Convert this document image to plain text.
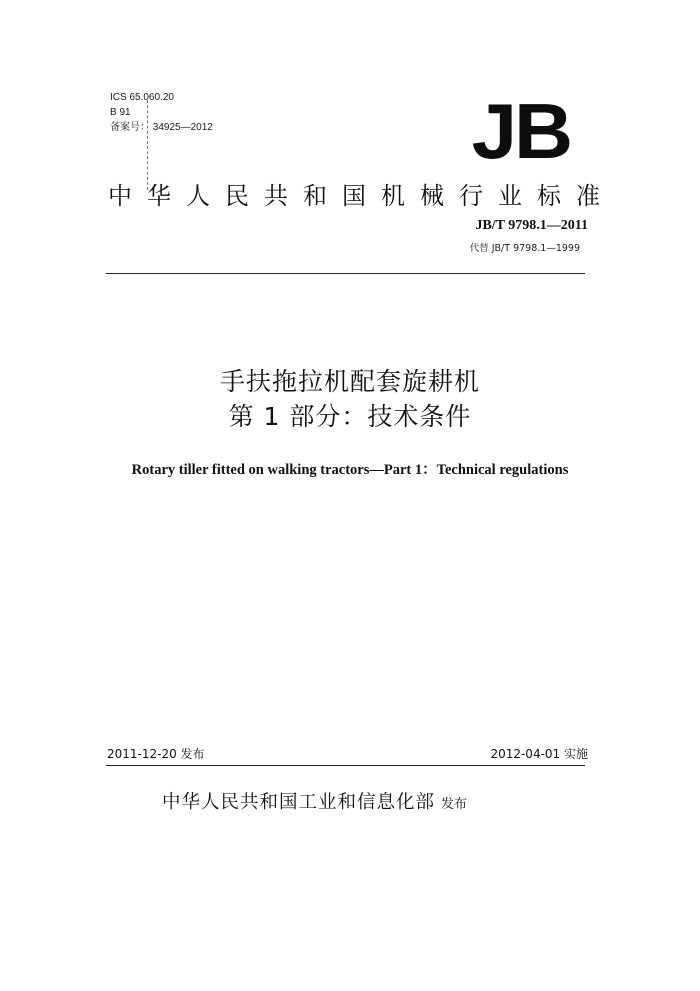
ICS 65.060.20
B 91
备案号： 34925—2012	JB
中华人民共和国机械行业标准
JB/T 9798.1—2011
代替 JB/T 9798.1—1999
手扶拖拉机配套旋耕机
第 1 部分：技术条件
Rotary tiller fitted on walking tractors—Part 1：Technical regulations
2011-12-20 发布	2012-04-01 实施
中华人民共和国工业和信息化部 发布
